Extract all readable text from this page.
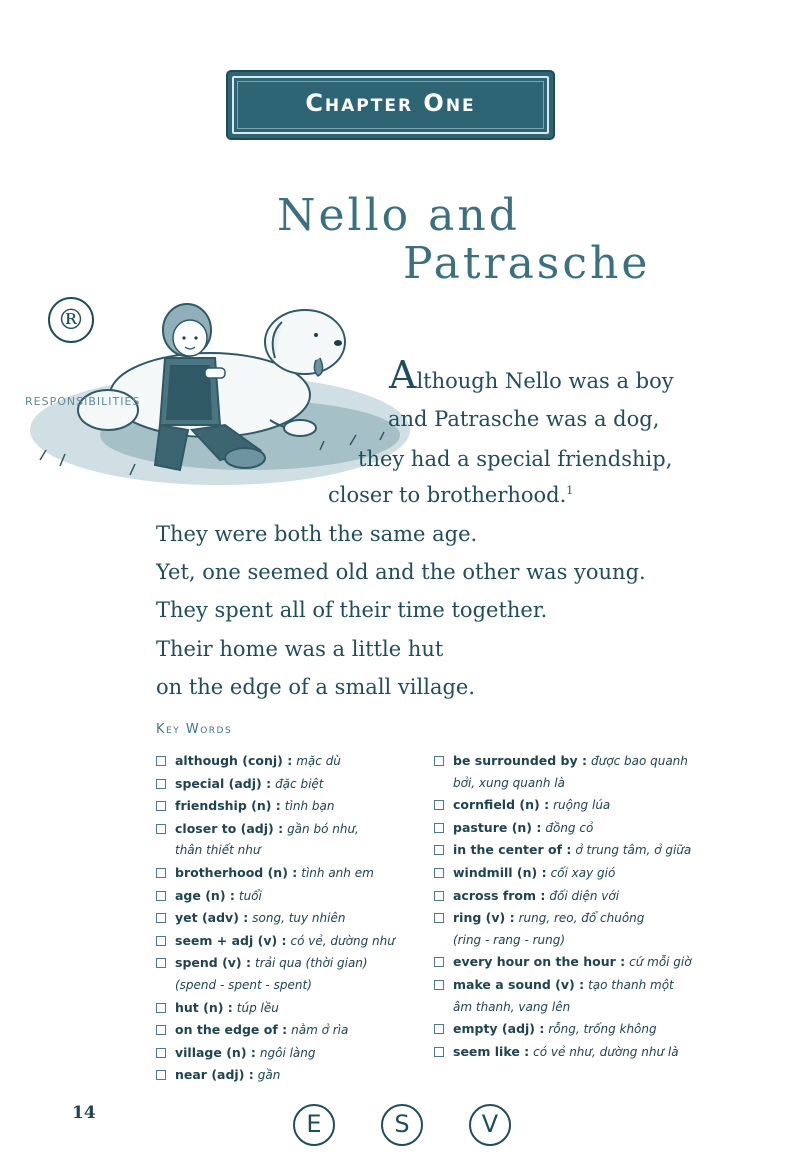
Chapter One
Nello and
Patrasche
RESPONSIBILITIES
®
Although Nello was a boy
and Patrasche was a dog,
they had a special friendship,
closer to brotherhood.$^1$
They were both the same age.
Yet, one seemed old and the other was young.
They spent all of their time together.
Their home was a little hut
on the edge of a small village.
Key Words
although (conj) : mặc dù
special (adj) : đặc biệt
friendship (n) : tình bạn
closer to (adj) : gần bó như,
thân thiết như
brotherhood (n) : tình anh em
age (n) : tuổi
yet (adv) : song, tuy nhiên
seem + adj (v) : có vẻ, dường như
spend (v) : trải qua (thời gian)
(spend - spent - spent)
hut (n) : túp lều
on the edge of : nằm ở rìa
village (n) : ngôi làng
near (adj) : gần
be surrounded by : được bao quanh
bởi, xung quanh là
cornfield (n) : ruộng lúa
pasture (n) : đồng cỏ
in the center of : ở trung tâm, ở giữa
windmill (n) : cối xay gió
across from : đối diện với
ring (v) : rung, reo, đổ chuông
(ring - rang - rung)
every hour on the hour : cứ mỗi giờ
make a sound (v) : tạo thanh một
âm thanh, vang lên
empty (adj) : rỗng, trống không
seem like : có vẻ như, dường như là
14	E	S	V
